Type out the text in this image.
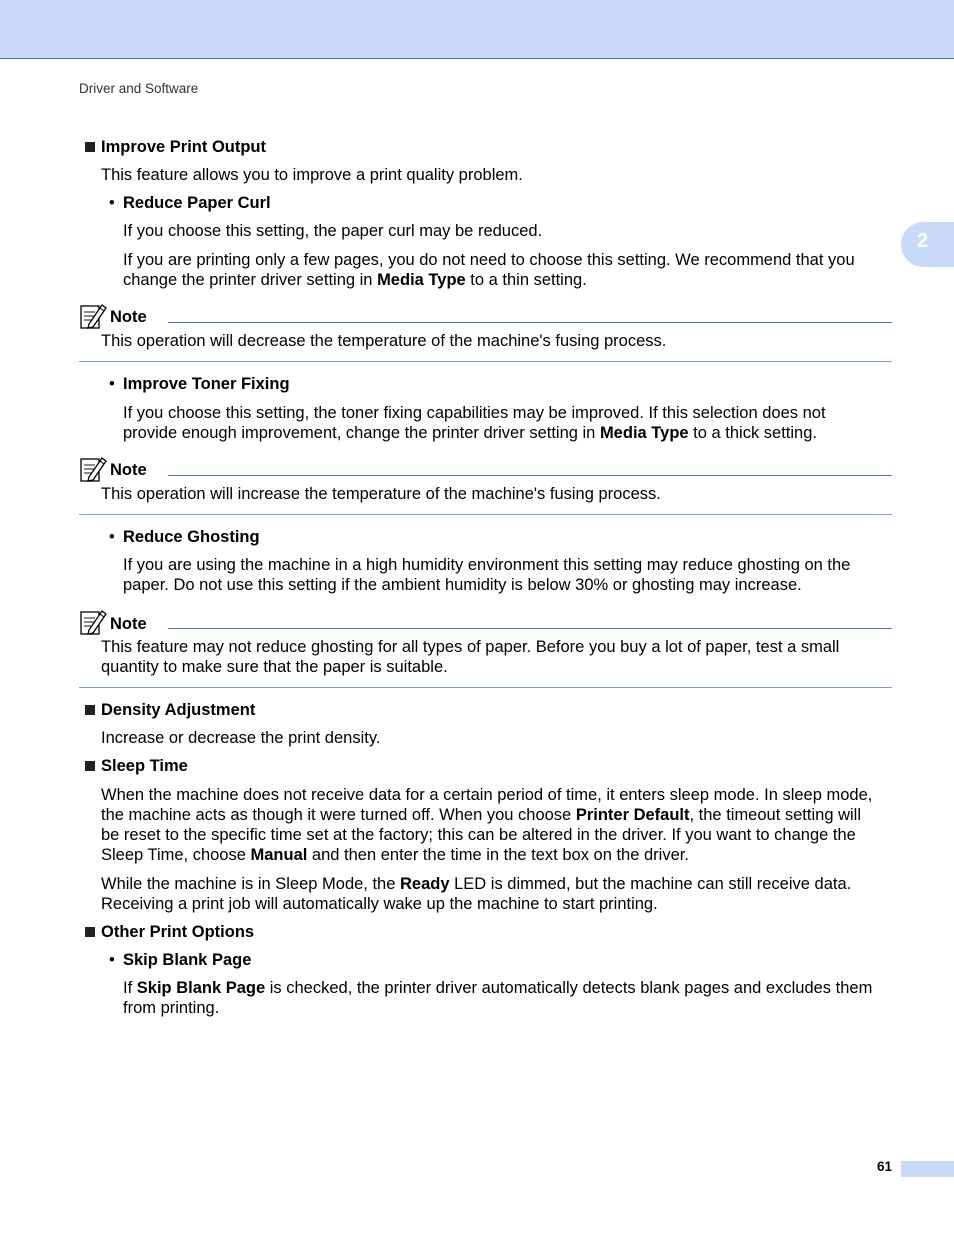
Driver and Software
2
Improve Print Output
This feature allows you to improve a print quality problem.
• Reduce Paper Curl
If you choose this setting, the paper curl may be reduced.
If you are printing only a few pages, you do not need to choose this setting. We recommend that you
change the printer driver setting in Media Type to a thin setting.
Note
This operation will decrease the temperature of the machine's fusing process.
• Improve Toner Fixing
If you choose this setting, the toner fixing capabilities may be improved. If this selection does not
provide enough improvement, change the printer driver setting in Media Type to a thick setting.
Note
This operation will increase the temperature of the machine's fusing process.
• Reduce Ghosting
If you are using the machine in a high humidity environment this setting may reduce ghosting on the
paper. Do not use this setting if the ambient humidity is below 30% or ghosting may increase.
Note
This feature may not reduce ghosting for all types of paper. Before you buy a lot of paper, test a small
quantity to make sure that the paper is suitable.
Density Adjustment
Increase or decrease the print density.
Sleep Time
When the machine does not receive data for a certain period of time, it enters sleep mode. In sleep mode,
the machine acts as though it were turned off. When you choose Printer Default, the timeout setting will
be reset to the specific time set at the factory; this can be altered in the driver. If you want to change the
Sleep Time, choose Manual and then enter the time in the text box on the driver.
While the machine is in Sleep Mode, the Ready LED is dimmed, but the machine can still receive data.
Receiving a print job will automatically wake up the machine to start printing.
Other Print Options
• Skip Blank Page
If Skip Blank Page is checked, the printer driver automatically detects blank pages and excludes them
from printing.
61
